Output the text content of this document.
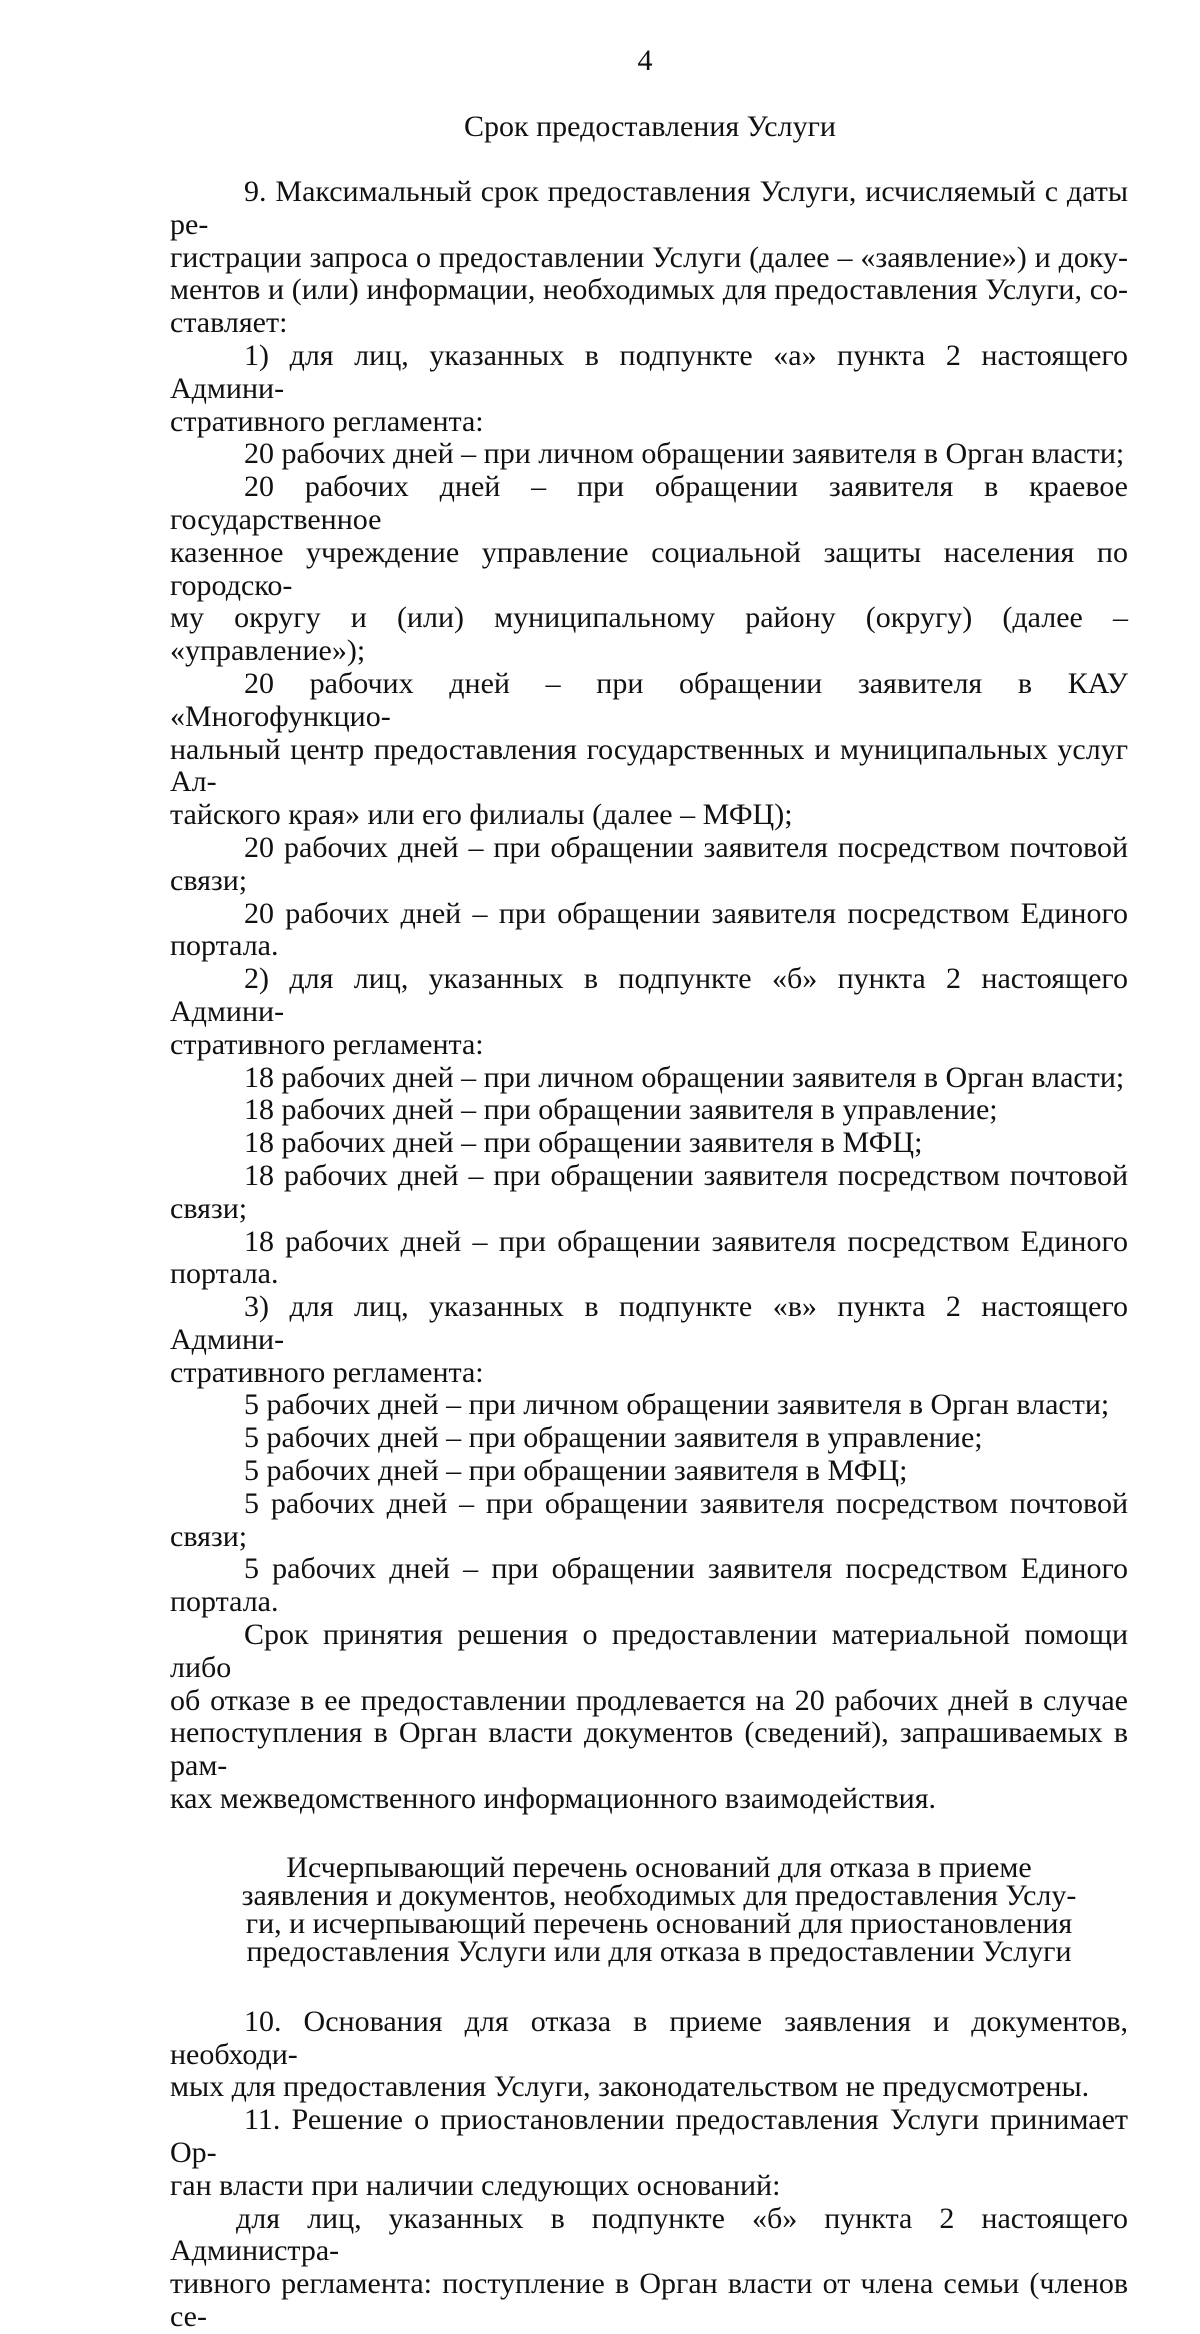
4
Срок предоставления Услуги

9. Максимальный срок предоставления Услуги, исчисляемый с даты ре-

гистрации запроса о предоставлении Услуги (далее – «заявление») и доку-

ментов и (или) информации, необходимых для предоставления Услуги, со-

ставляет:

1) для лиц, указанных в подпункте «а» пункта 2 настоящего Админи-

стративного регламента:

20 рабочих дней – при личном обращении заявителя в Орган власти;

20 рабочих дней – при обращении заявителя в краевое государственное

казенное учреждение управление социальной защиты населения по городско-

му округу и (или) муниципальному району (округу) (далее – «управление»);

20 рабочих дней – при обращении заявителя в КАУ «Многофункцио-

нальный центр предоставления государственных и муниципальных услуг Ал-

тайского края» или его филиалы (далее – МФЦ);

20 рабочих дней – при обращении заявителя посредством почтовой связи;

20 рабочих дней – при обращении заявителя посредством Единого портала.

2) для лиц, указанных в подпункте «б» пункта 2 настоящего Админи-

стративного регламента:

18 рабочих дней – при личном обращении заявителя в Орган власти;

18 рабочих дней – при обращении заявителя в управление;

18 рабочих дней – при обращении заявителя в МФЦ;

18 рабочих дней – при обращении заявителя посредством почтовой связи;

18 рабочих дней – при обращении заявителя посредством Единого портала.

3) для лиц, указанных в подпункте «в» пункта 2 настоящего Админи-

стративного регламента:

5 рабочих дней – при личном обращении заявителя в Орган власти;

5 рабочих дней – при обращении заявителя в управление;

5 рабочих дней – при обращении заявителя в МФЦ;

5 рабочих дней – при обращении заявителя посредством почтовой связи;

5 рабочих дней – при обращении заявителя посредством Единого портала.

Срок принятия решения о предоставлении материальной помощи либо

об отказе в ее предоставлении продлевается на 20 рабочих дней в случае

непоступления в Орган власти документов (сведений), запрашиваемых в рам-

ках межведомственного информационного взаимодействия.

Исчерпывающий перечень оснований для отказа в приеме
заявления и документов, необходимых для предоставления Услу-
ги, и исчерпывающий перечень оснований для приостановления
предоставления Услуги или для отказа в предоставлении Услуги

10. Основания для отказа в приеме заявления и документов, необходи-

мых для предоставления Услуги, законодательством не предусмотрены.

11. Решение о приостановлении предоставления Услуги принимает Ор-

ган власти при наличии следующих оснований:

для лиц, указанных в подпункте «б» пункта 2 настоящего Администра-

тивного регламента: поступление в Орган власти от члена семьи (членов се-
